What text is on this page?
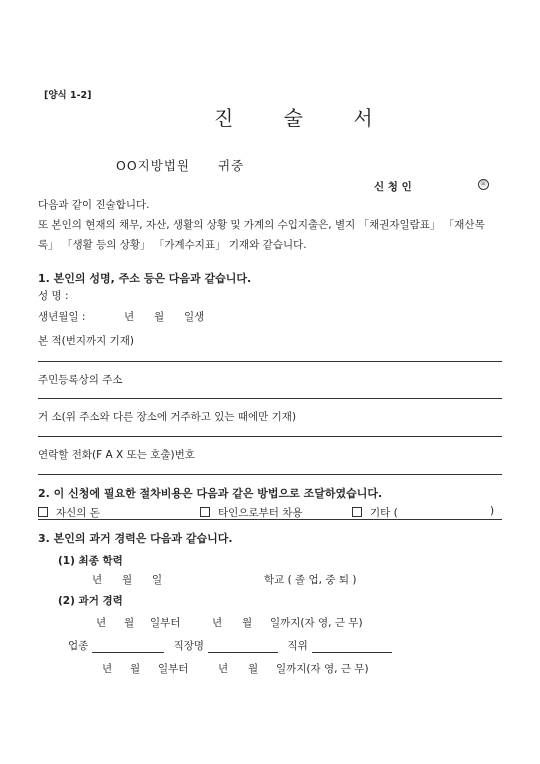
[양식 1-2]
진 술 서
OO지방법원 귀중
신 청 인	㊞
다음과 같이 진술합니다.
또 본인의 현재의 채무, 자산, 생활의 상황 및 가계의 수입지출은, 별지 「채권자일람표」 「재산목
록」 「생활 등의 상황」 「가계수지표」 기재와 같습니다.
1. 본인의 성명, 주소 등은 다음과 같습니다.
성 명 :
생년월일 :	년 월 일생
본 적(번지까지 기재)
주민등록상의 주소
거 소(위 주소와 다른 장소에 거주하고 있는 때에만 기재)
연락할 전화(F A X 또는 호출)번호
2. 이 신청에 필요한 절차비용은 다음과 같은 방법으로 조달하였습니다.
자신의 돈	타인으로부터 차용	기타 (	)
3. 본인의 과거 경력은 다음과 같습니다.
(1) 최종 학력
년 월 일	학교 ( 졸 업, 중 퇴 )
(2) 과거 경력
년 월 일부터	년 월 일까지(자 영, 근 무)
업종	직장명	직위
년 월 일부터	년 월 일까지(자 영, 근 무)
